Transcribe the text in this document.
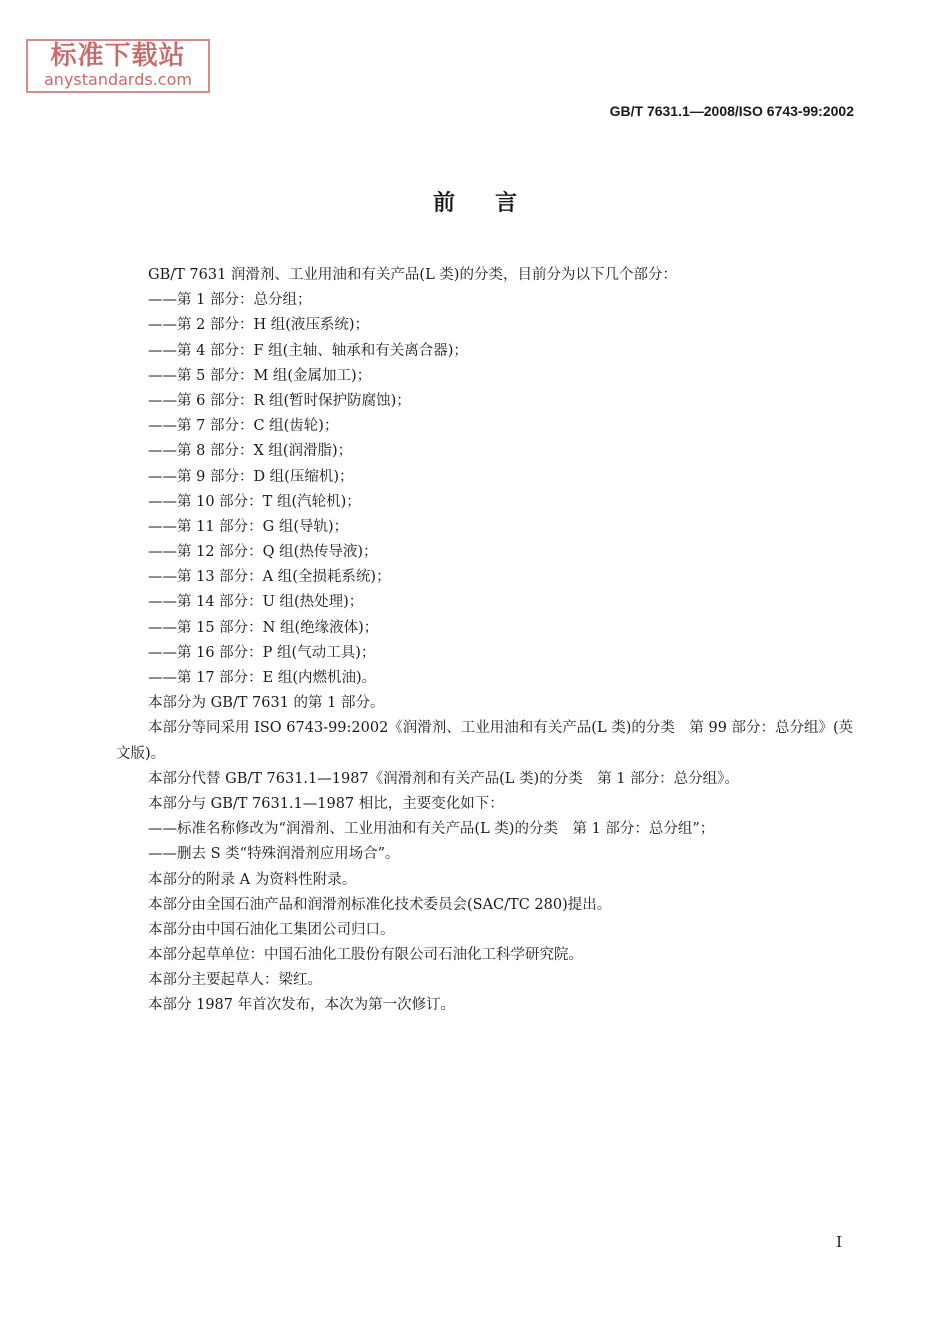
标准下载站
anystandards.com
GB/T 7631.1—2008/ISO 6743-99:2002
前言
GB/T 7631 润滑剂、工业用油和有关产品(L 类)的分类，目前分为以下几个部分：
——第 1 部分：总分组；
——第 2 部分：H 组(液压系统)；
——第 4 部分：F 组(主轴、轴承和有关离合器)；
——第 5 部分：M 组(金属加工)；
——第 6 部分：R 组(暂时保护防腐蚀)；
——第 7 部分：C 组(齿轮)；
——第 8 部分：X 组(润滑脂)；
——第 9 部分：D 组(压缩机)；
——第 10 部分：T 组(汽轮机)；
——第 11 部分：G 组(导轨)；
——第 12 部分：Q 组(热传导液)；
——第 13 部分：A 组(全损耗系统)；
——第 14 部分：U 组(热处理)；
——第 15 部分：N 组(绝缘液体)；
——第 16 部分：P 组(气动工具)；
——第 17 部分：E 组(内燃机油)。
本部分为 GB/T 7631 的第 1 部分。
本部分等同采用 ISO 6743-99:2002《润滑剂、工业用油和有关产品(L 类)的分类　第 99 部分：总分组》(英文版)。
本部分代替 GB/T 7631.1—1987《润滑剂和有关产品(L 类)的分类　第 1 部分：总分组》。
本部分与 GB/T 7631.1—1987 相比，主要变化如下：
——标准名称修改为“润滑剂、工业用油和有关产品(L 类)的分类　第 1 部分：总分组”；
——删去 S 类“特殊润滑剂应用场合”。
本部分的附录 A 为资料性附录。
本部分由全国石油产品和润滑剂标准化技术委员会(SAC/TC 280)提出。
本部分由中国石油化工集团公司归口。
本部分起草单位：中国石油化工股份有限公司石油化工科学研究院。
本部分主要起草人：梁红。
本部分 1987 年首次发布，本次为第一次修订。
I
